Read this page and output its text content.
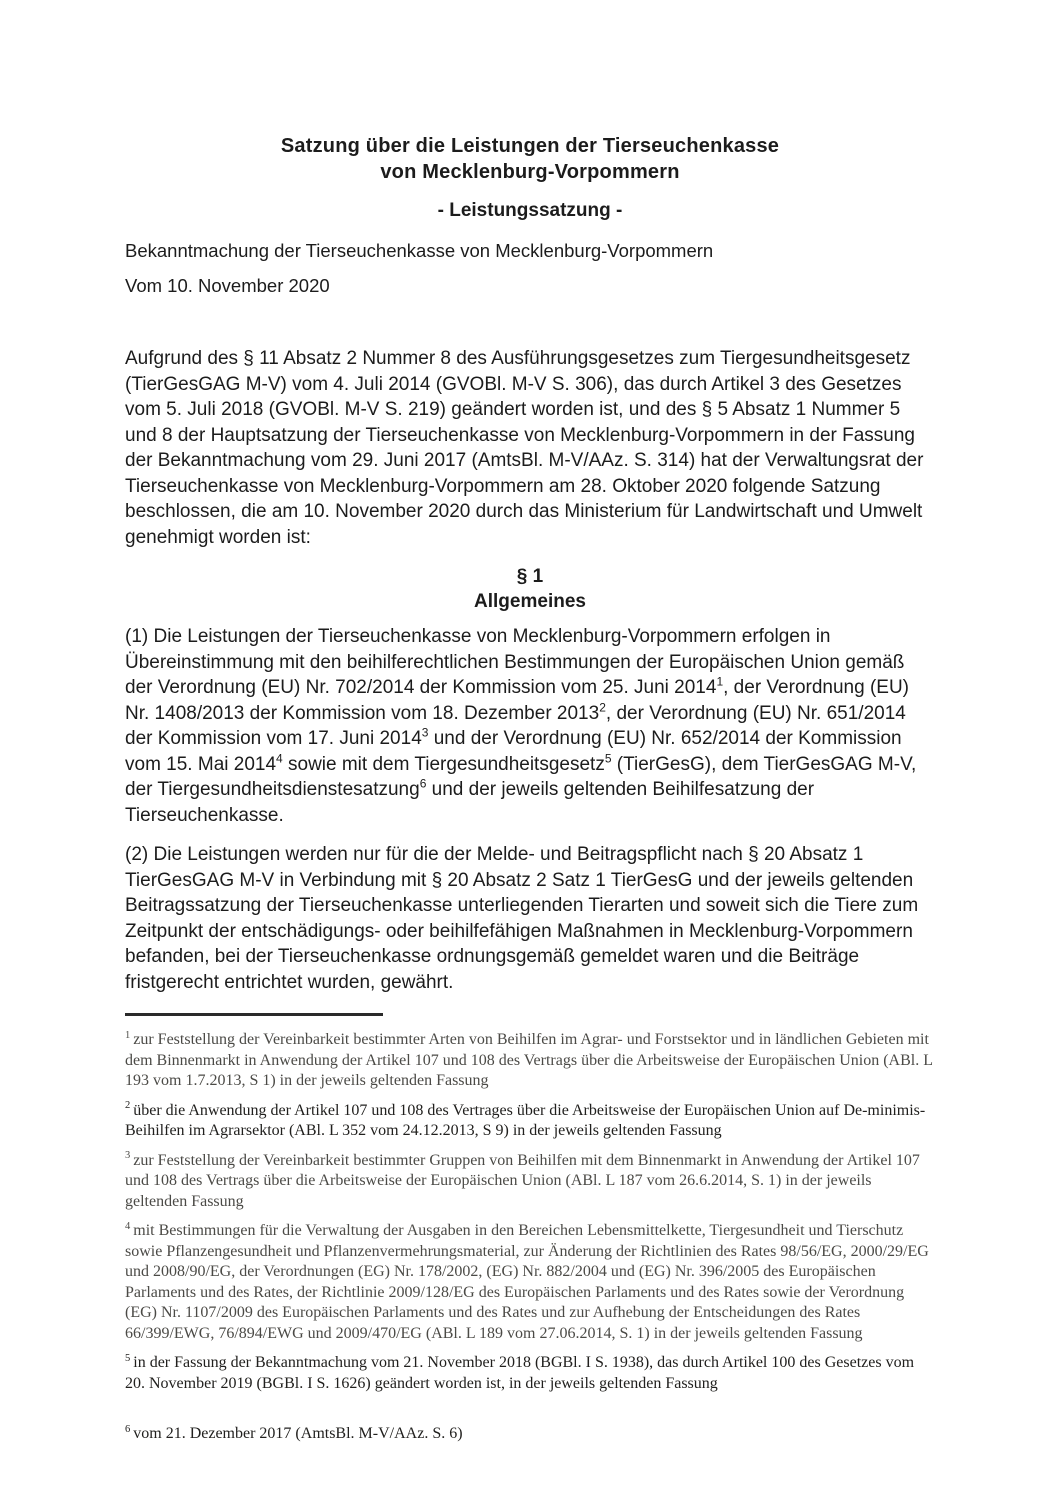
Satzung über die Leistungen der Tierseuchenkasse
von Mecklenburg-Vorpommern
- Leistungssatzung -

Bekanntmachung der Tierseuchenkasse von Mecklenburg-Vorpommern

Vom 10. November 2020

Aufgrund des § 11 Absatz 2 Nummer 8 des Ausführungsgesetzes zum Tiergesundheitsgesetz (TierGesGAG M-V) vom 4. Juli 2014 (GVOBl. M-V S. 306), das durch Artikel 3 des Gesetzes vom 5. Juli 2018 (GVOBl. M-V S. 219) geändert worden ist, und des § 5 Absatz 1 Nummer 5 und 8 der Hauptsatzung der Tierseuchenkasse von Mecklenburg-Vorpommern in der Fassung der Bekanntmachung vom 29. Juni 2017 (AmtsBl. M-V/AAz. S. 314) hat der Verwaltungsrat der Tierseuchenkasse von Mecklenburg-Vorpommern am 28. Oktober 2020 folgende Satzung beschlossen, die am 10. November 2020 durch das Ministerium für Landwirtschaft und Umwelt genehmigt worden ist:

§ 1
Allgemeines

(1) Die Leistungen der Tierseuchenkasse von Mecklenburg-Vorpommern erfolgen in Übereinstimmung mit den beihilferechtlichen Bestimmungen der Europäischen Union gemäß der Verordnung (EU) Nr. 702/2014 der Kommission vom 25. Juni 2014$^1$, der Verordnung (EU) Nr. 1408/2013 der Kommission vom 18. Dezember 2013$^2$, der Verordnung (EU) Nr. 651/2014 der Kommission vom 17. Juni 2014$^3$ und der Verordnung (EU) Nr. 652/2014 der Kommission vom 15. Mai 2014$^4$ sowie mit dem Tiergesundheitsgesetz$^5$ (TierGesG), dem TierGesGAG M-V, der Tiergesundheitsdienstesatzung$^6$ und der jeweils geltenden Beihilfesatzung der Tierseuchenkasse.

(2) Die Leistungen werden nur für die der Melde- und Beitragspflicht nach § 20 Absatz 1 TierGesGAG M-V in Verbindung mit § 20 Absatz 2 Satz 1 TierGesG und der jeweils geltenden Beitragssatzung der Tierseuchenkasse unterliegenden Tierarten und soweit sich die Tiere zum Zeitpunkt der entschädigungs- oder beihilfefähigen Maßnahmen in Mecklenburg-Vorpommern befanden, bei der Tierseuchenkasse ordnungsgemäß gemeldet waren und die Beiträge fristgerecht entrichtet wurden, gewährt.

$^1$ zur Feststellung der Vereinbarkeit bestimmter Arten von Beihilfen im Agrar- und Forstsektor und in ländlichen Gebieten mit dem Binnenmarkt in Anwendung der Artikel 107 und 108 des Vertrags über die Arbeitsweise der Europäischen Union (ABl. L 193 vom 1.7.2013, S 1) in der jeweils geltenden Fassung
$^2$ über die Anwendung der Artikel 107 und 108 des Vertrages über die Arbeitsweise der Europäischen Union auf De-minimis-Beihilfen im Agrarsektor (ABl. L 352 vom 24.12.2013, S 9) in der jeweils geltenden Fassung
$^3$ zur Feststellung der Vereinbarkeit bestimmter Gruppen von Beihilfen mit dem Binnenmarkt in Anwendung der Artikel 107 und 108 des Vertrags über die Arbeitsweise der Europäischen Union (ABl. L 187 vom 26.6.2014, S. 1) in der jeweils geltenden Fassung
$^4$ mit Bestimmungen für die Verwaltung der Ausgaben in den Bereichen Lebensmittelkette, Tiergesundheit und Tierschutz sowie Pflanzengesundheit und Pflanzenvermehrungsmaterial, zur Änderung der Richtlinien des Rates 98/56/EG, 2000/29/EG und 2008/90/EG, der Verordnungen (EG) Nr. 178/2002, (EG) Nr. 882/2004 und (EG) Nr. 396/2005 des Europäischen Parlaments und des Rates, der Richtlinie 2009/128/EG des Europäischen Parlaments und des Rates sowie der Verordnung (EG) Nr. 1107/2009 des Europäischen Parlaments und des Rates und zur Aufhebung der Entscheidungen des Rates 66/399/EWG, 76/894/EWG und 2009/470/EG (ABl. L 189 vom 27.06.2014, S. 1) in der jeweils geltenden Fassung
$^5$ in der Fassung der Bekanntmachung vom 21. November 2018 (BGBl. I S. 1938), das durch Artikel 100 des Gesetzes vom 20. November 2019 (BGBl. I S. 1626) geändert worden ist, in der jeweils geltenden Fassung
$^6$ vom 21. Dezember 2017 (AmtsBl. M-V/AAz. S. 6)
